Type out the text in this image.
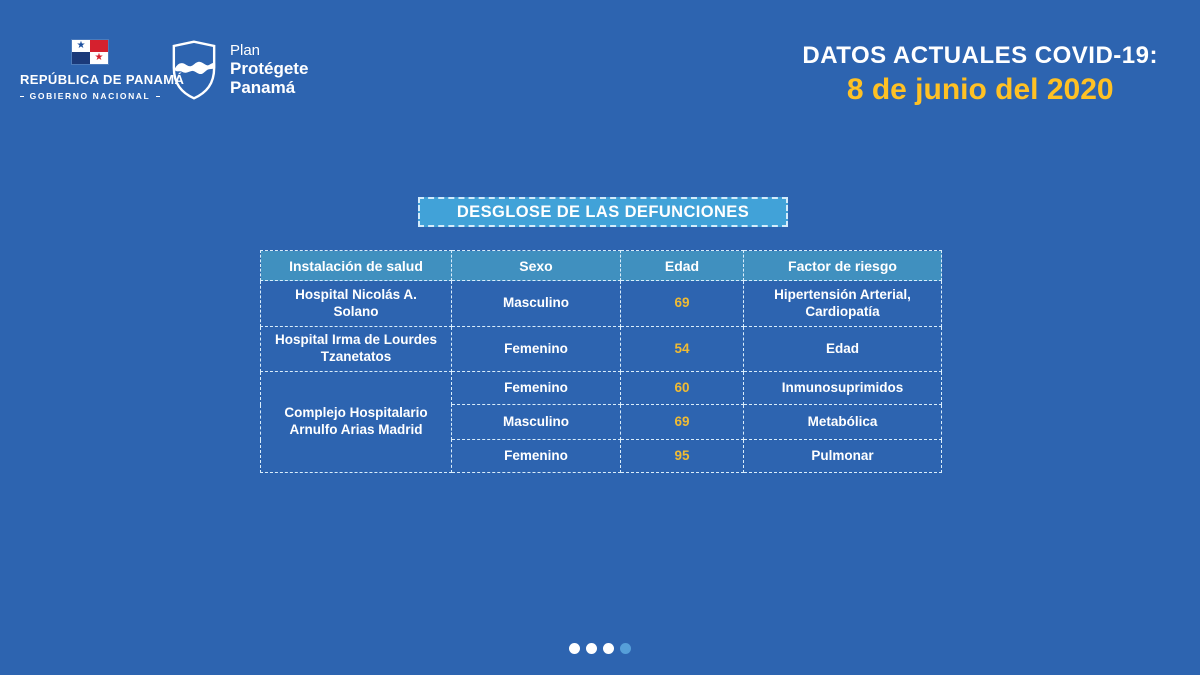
★
★
REPÚBLICA DE PANAMÁ
GOBIERNO NACIONAL
Plan
Protégete
Panamá
DATOS ACTUALES COVID-19:
8 de junio del 2020
DESGLOSE DE LAS DEFUNCIONES
Instalación de salud	Sexo	Edad	Factor de riesgo
Hospital Nicolás A. Solano	Masculino	69	Hipertensión Arterial, Cardiopatía
Hospital Irma de Lourdes Tzanetatos	Femenino	54	Edad
Complejo Hospitalario Arnulfo Arias Madrid	Femenino	60	Inmunosuprimidos
	Masculino	69	Metabólica
	Femenino	95	Pulmonar
